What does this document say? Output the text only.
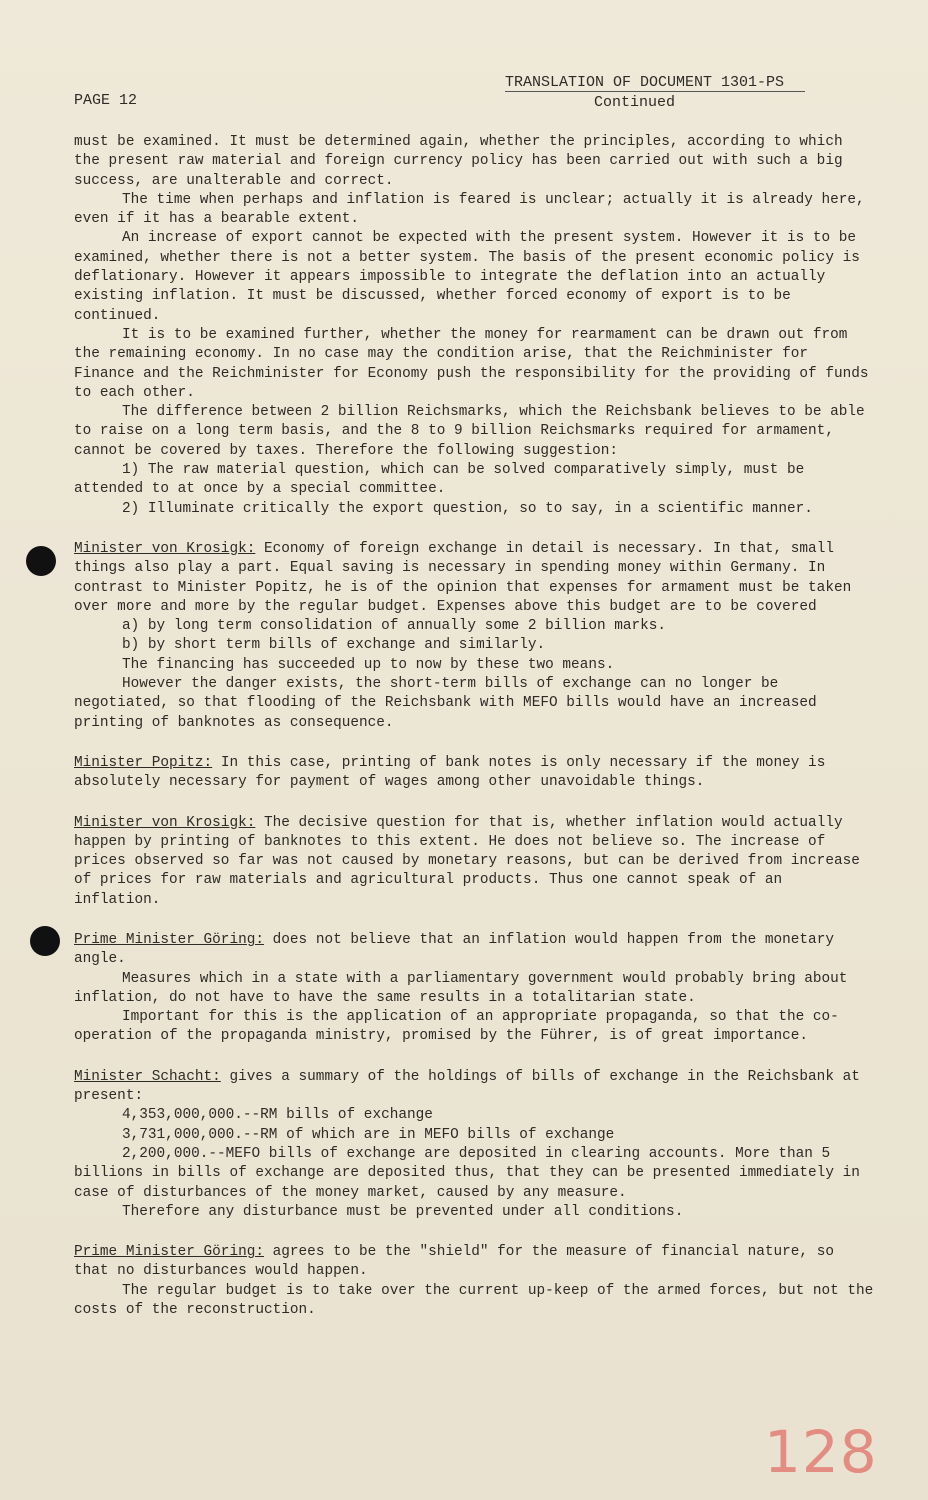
PAGE 12
TRANSLATION OF DOCUMENT 1301-PS
Continued

must be examined. It must be determined again, whether the principles, according to which the present raw material and foreign currency policy has been carried out with such a big success, are unalterable and correct.

The time when perhaps and inflation is feared is unclear; actually it is already here, even if it has a bearable extent.

An increase of export cannot be expected with the present system. However it is to be examined, whether there is not a better system. The basis of the present economic policy is deflationary. However it appears impossible to integrate the deflation into an actually existing inflation. It must be discussed, whether forced economy of export is to be continued.

It is to be examined further, whether the money for rearmament can be drawn out from the remaining economy. In no case may the condition arise, that the Reichminister for Finance and the Reichminister for Economy push the responsibility for the providing of funds to each other.

The difference between 2 billion Reichsmarks, which the Reichsbank believes to be able to raise on a long term basis, and the 8 to 9 billion Reichsmarks required for armament, cannot be covered by taxes. Therefore the following suggestion:

1) The raw material question, which can be solved comparatively simply, must be attended to at once by a special committee.

2) Illuminate critically the export question, so to say, in a scientific manner.

Minister von Krosigk: Economy of foreign exchange in detail is necessary. In that, small things also play a part. Equal saving is necessary in spending money within Germany. In contrast to Minister Popitz, he is of the opinion that expenses for armament must be taken over more and more by the regular budget. Expenses above this budget are to be covered

a) by long term consolidation of annually some 2 billion marks.

b) by short term bills of exchange and similarly.

The financing has succeeded up to now by these two means.

However the danger exists, the short-term bills of exchange can no longer be negotiated, so that flooding of the Reichsbank with MEFO bills would have an increased printing of banknotes as consequence.

Minister Popitz: In this case, printing of bank notes is only necessary if the money is absolutely necessary for payment of wages among other unavoidable things.

Minister von Krosigk: The decisive question for that is, whether inflation would actually happen by printing of banknotes to this extent. He does not believe so. The increase of prices observed so far was not caused by monetary reasons, but can be derived from increase of prices for raw materials and agricultural products. Thus one cannot speak of an inflation.

Prime Minister Göring: does not believe that an inflation would happen from the monetary angle.

Measures which in a state with a parliamentary government would probably bring about inflation, do not have to have the same results in a totalitarian state.

Important for this is the application of an appropriate propaganda, so that the co-operation of the propaganda ministry, promised by the Führer, is of great importance.

Minister Schacht: gives a summary of the holdings of bills of exchange in the Reichsbank at present:

4,353,000,000.--RM bills of exchange

3,731,000,000.--RM of which are in MEFO bills of exchange

2,200,000.--MEFO bills of exchange are deposited in clearing accounts. More than 5 billions in bills of exchange are deposited thus, that they can be presented immediately in case of disturbances of the money market, caused by any measure.

Therefore any disturbance must be prevented under all conditions.

Prime Minister Göring: agrees to be the "shield" for the measure of financial nature, so that no disturbances would happen.

The regular budget is to take over the current up-keep of the armed forces, but not the costs of the reconstruction.

128
